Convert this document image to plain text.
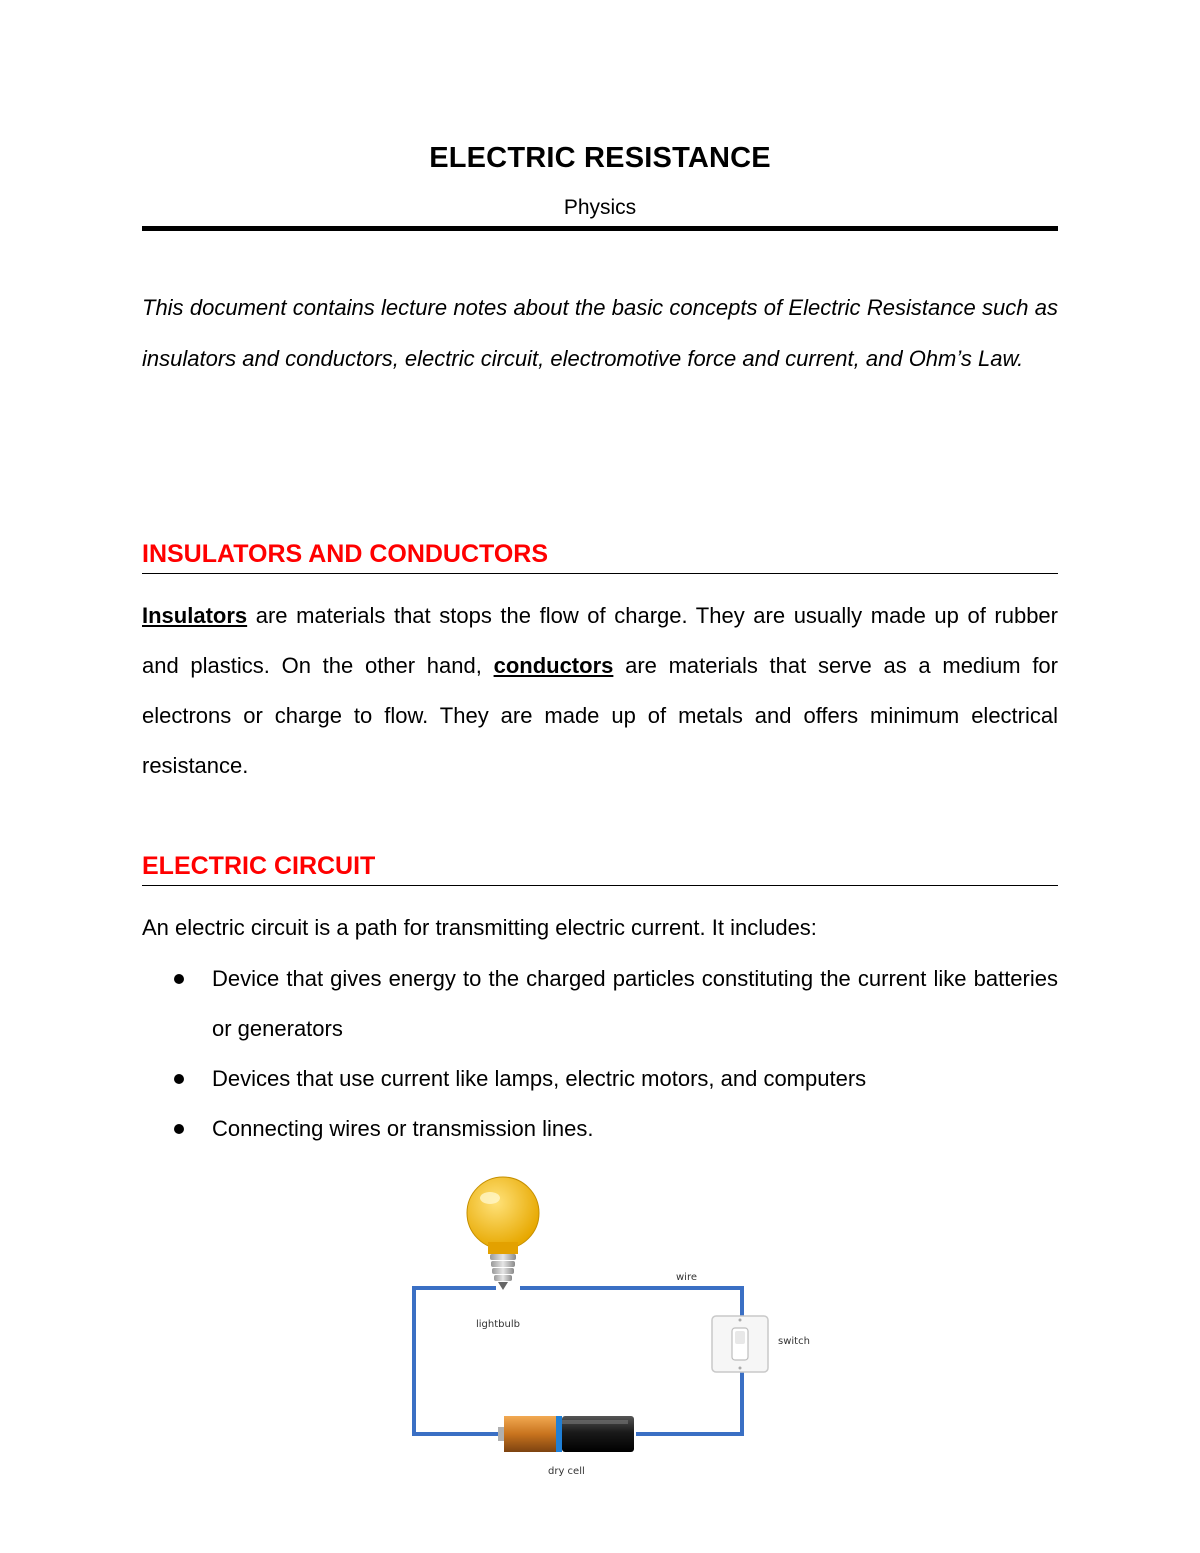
ELECTRIC RESISTANCE
Physics

This document contains lecture notes about the basic concepts of Electric Resistance such as insulators and conductors, electric circuit, electromotive force and current, and Ohm’s Law.

INSULATORS AND CONDUCTORS

Insulators are materials that stops the flow of charge. They are usually made up of rubber and plastics. On the other hand, conductors are materials that serve as a medium for electrons or charge to flow. They are made up of metals and offers minimum electrical resistance.

ELECTRIC CIRCUIT

An electric circuit is a path for transmitting electric current. It includes:

Device that gives energy to the charged particles constituting the current like batteries or generators
Devices that use current like lamps, electric motors, and computers
Connecting wires or transmission lines.
wire
lightbulb
switch
dry cell
